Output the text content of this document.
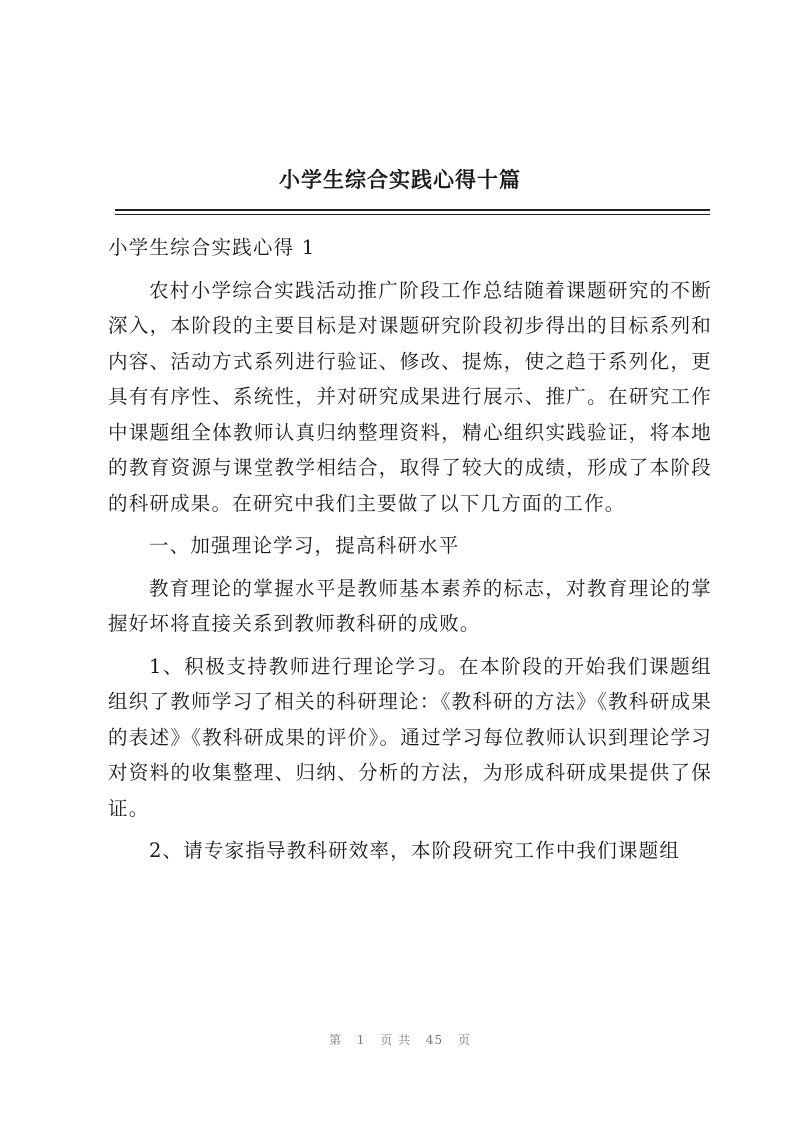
小学生综合实践心得十篇

小学生综合实践心得 1

农村小学综合实践活动推广阶段工作总结随着课题研究的不断深入，本阶段的主要目标是对课题研究阶段初步得出的目标系列和内容、活动方式系列进行验证、修改、提炼，使之趋于系列化，更具有有序性、系统性，并对研究成果进行展示、推广。在研究工作中课题组全体教师认真归纳整理资料，精心组织实践验证，将本地的教育资源与课堂教学相结合，取得了较大的成绩，形成了本阶段的科研成果。在研究中我们主要做了以下几方面的工作。

一、加强理论学习，提高科研水平

教育理论的掌握水平是教师基本素养的标志，对教育理论的掌握好坏将直接关系到教师教科研的成败。

1、积极支持教师进行理论学习。在本阶段的开始我们课题组组织了教师学习了相关的科研理论：《教科研的方法》《教科研成果的表述》《教科研成果的评价》。通过学习每位教师认识到理论学习对资料的收集整理、归纳、分析的方法，为形成科研成果提供了保证。

2、请专家指导教科研效率，本阶段研究工作中我们课题组

第 1 页 共 45 页
